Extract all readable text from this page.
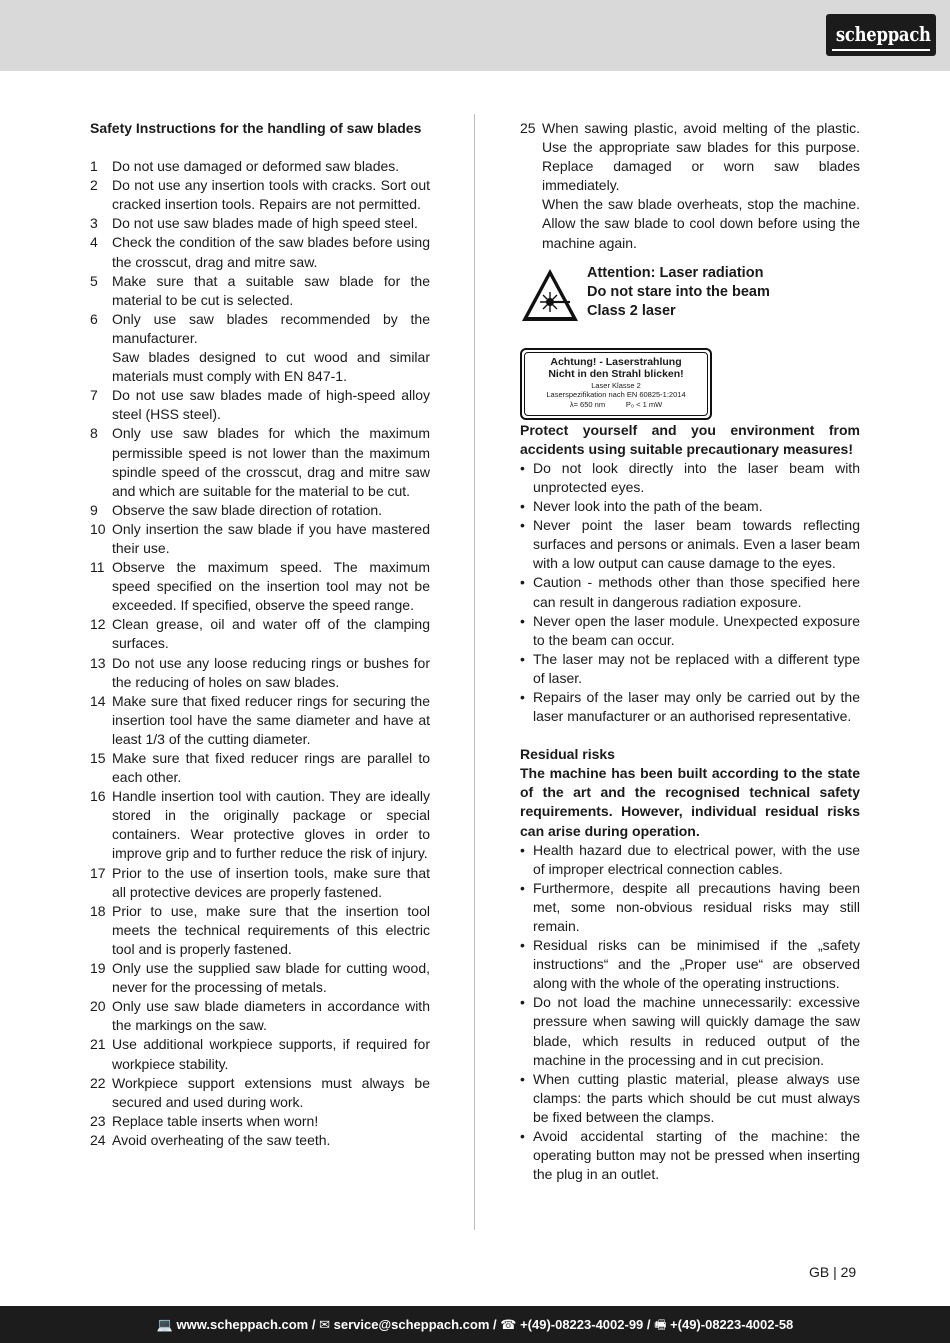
scheppach

Safety Instructions for the handling of saw blades

1	Do not use damaged or deformed saw blades.
2	Do not use any insertion tools with cracks. Sort out cracked insertion tools. Repairs are not permitted.
3	Do not use saw blades made of high speed steel.
4	Check the condition of the saw blades before using the crosscut, drag and mitre saw.
5	Make sure that a suitable saw blade for the material to be cut is selected.
6	Only use saw blades recommended by the manufacturer.
Saw blades designed to cut wood and similar materials must comply with EN 847-1.
7	Do not use saw blades made of high-speed alloy steel (HSS steel).
8	Only use saw blades for which the maximum permissible speed is not lower than the maximum spindle speed of the crosscut, drag and mitre saw and which are suitable for the material to be cut.
9	Observe the saw blade direction of rotation.
10 Only insertion the saw blade if you have mastered their use.
11 Observe the maximum speed. The maximum speed specified on the insertion tool may not be exceeded. If specified, observe the speed range.
12 Clean grease, oil and water off of the clamping surfaces.
13 Do not use any loose reducing rings or bushes for the reducing of holes on saw blades.
14 Make sure that fixed reducer rings for securing the insertion tool have the same diameter and have at least 1/3 of the cutting diameter.
15 Make sure that fixed reducer rings are parallel to each other.
16 Handle insertion tool with caution. They are ideally stored in the originally package or special containers. Wear protective gloves in order to improve grip and to further reduce the risk of injury.
17 Prior to the use of insertion tools, make sure that all protective devices are properly fastened.
18 Prior to use, make sure that the insertion tool meets the technical requirements of this electric tool and is properly fastened.
19 Only use the supplied saw blade for cutting wood, never for the processing of metals.
20 Only use saw blade diameters in accordance with the markings on the saw.
21 Use additional workpiece supports, if required for workpiece stability.
22 Workpiece support extensions must always be secured and used during work.
23 Replace table inserts when worn!
24 Avoid overheating of the saw teeth.
25 When sawing plastic, avoid melting of the plastic. Use the appropriate saw blades for this purpose. Replace damaged or worn saw blades immediately.
When the saw blade overheats, stop the machine. Allow the saw blade to cool down before using the machine again.
Attention: Laser radiation
Do not stare into the beam
Class 2 laser
Achtung! - Laserstrahlung
Nicht in den Strahl blicken!
Laser Klasse 2
Laserspezifikation nach EN 60825-1:2014
λ= 650 nm          P₀ < 1 mW

Protect yourself and you environment from accidents using suitable precautionary measures!

• Do not look directly into the laser beam with unprotected eyes.
• Never look into the path of the beam.
• Never point the laser beam towards reflecting surfaces and persons or animals. Even a laser beam with a low output can cause damage to the eyes.
• Caution - methods other than those specified here can result in dangerous radiation exposure.
• Never open the laser module. Unexpected exposure to the beam can occur.
• The laser may not be replaced with a different type of laser.
• Repairs of the laser may only be carried out by the laser manufacturer or an authorised representative.

Residual risks

The machine has been built according to the state of the art and the recognised technical safety requirements. However, individual residual risks can arise during operation.

• Health hazard due to electrical power, with the use of improper electrical connection cables.
• Furthermore, despite all precautions having been met, some non-obvious residual risks may still remain.
• Residual risks can be minimised if the „safety instructions“ and the „Proper use“ are observed along with the whole of the operating instructions.
• Do not load the machine unnecessarily: excessive pressure when sawing will quickly damage the saw blade, which results in reduced output of the machine in the processing and in cut precision.
• When cutting plastic material, please always use clamps: the parts which should be cut must always be fixed between the clamps.
• Avoid accidental starting of the machine: the operating button may not be pressed when inserting the plug in an outlet.
GB | 29
💻 www.scheppach.com / ✉ service@scheppach.com / ☎ +(49)-08223-4002-99 / 🖷 +(49)-08223-4002-58
